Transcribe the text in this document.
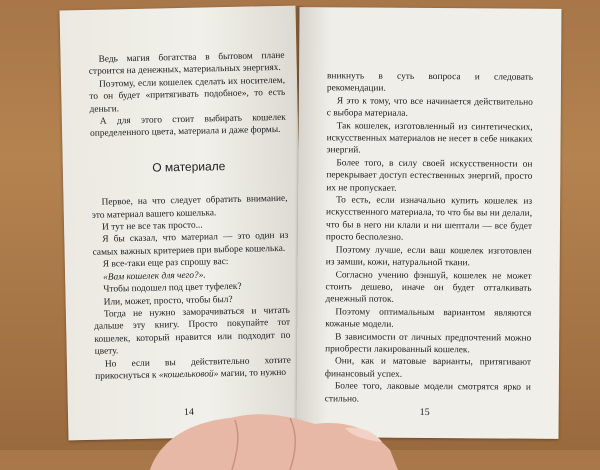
Ведь магия богатства в бытовом плане строится на денежных, материальных энергиях.

Поэтому, если кошелек сделать их носителем, то он будет «притягивать подобное», то есть деньги.

А для этого стоит выбирать кошелек определенного цвета, материала и даже формы.

О материале

Первое, на что следует обратить внимание, это материал вашего кошелька.

И тут не все так просто...

Я бы сказал, что материал — это один из самых важных критериев при выборе кошелька.

Я все-таки еще раз спрошу вас:

«Вам кошелек для чего?».

Чтобы подошел под цвет туфелек?

Или, может, просто, чтобы был?

Тогда не нужно заморачиваться и читать дальше эту книгу. Просто покупайте тот кошелек, который нравится или подходит по цвету.

Но если вы действительно хотите прикоснуться к «кошельковой» магии, то нужно

14

вникнуть в суть вопроса и следовать рекомендации.

Я это к тому, что все начинается действительно с выбора материала.

Так кошелек, изготовленный из синтетических, искусственных материалов не несет в себе никаких энергий.

Более того, в силу своей искусственности он перекрывает доступ естественных энергий, просто их не пропускает.

То есть, если изначально купить кошелек из искусственного материала, то что бы вы ни делали, что бы в него ни клали и ни шептали — все будет просто бесполезно.

Поэтому лучше, если ваш кошелек изготовлен из замши, кожи, натуральной ткани.

Согласно учению фэншуй, кошелек не может стоить дешево, иначе он будет отталкивать денежный поток.

Поэтому оптимальным вариантом являются кожаные модели.

В зависимости от личных предпочтений можно приобрести лакированный кошелек.

Они, как и матовые варианты, притягивают финансовый успех.

Более того, лаковые модели смотрятся ярко и стильно.

15
